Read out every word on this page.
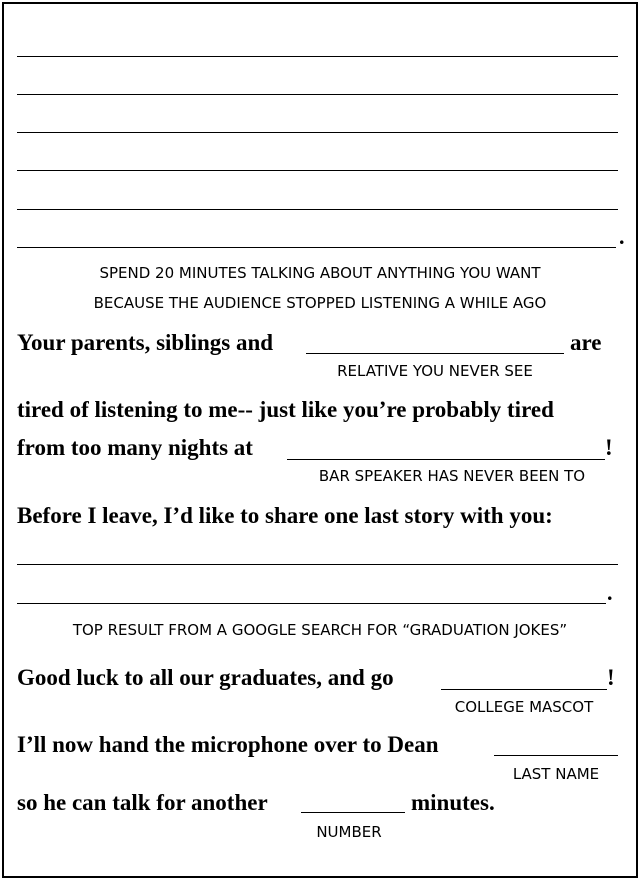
.
SPEND 20 MINUTES TALKING ABOUT ANYTHING YOU WANT
BECAUSE THE AUDIENCE STOPPED LISTENING A WHILE AGO
Your parents, siblings and	are
RELATIVE YOU NEVER SEE
tired of listening to me-- just like you’re probably tired
from too many nights at	!
BAR SPEAKER HAS NEVER BEEN TO
Before I leave, I’d like to share one last story with you:
.
TOP RESULT FROM A GOOGLE SEARCH FOR “GRADUATION JOKES”
Good luck to all our graduates, and go	!
COLLEGE MASCOT
I’ll now hand the microphone over to Dean
LAST NAME
so he can talk for another	minutes.
NUMBER
